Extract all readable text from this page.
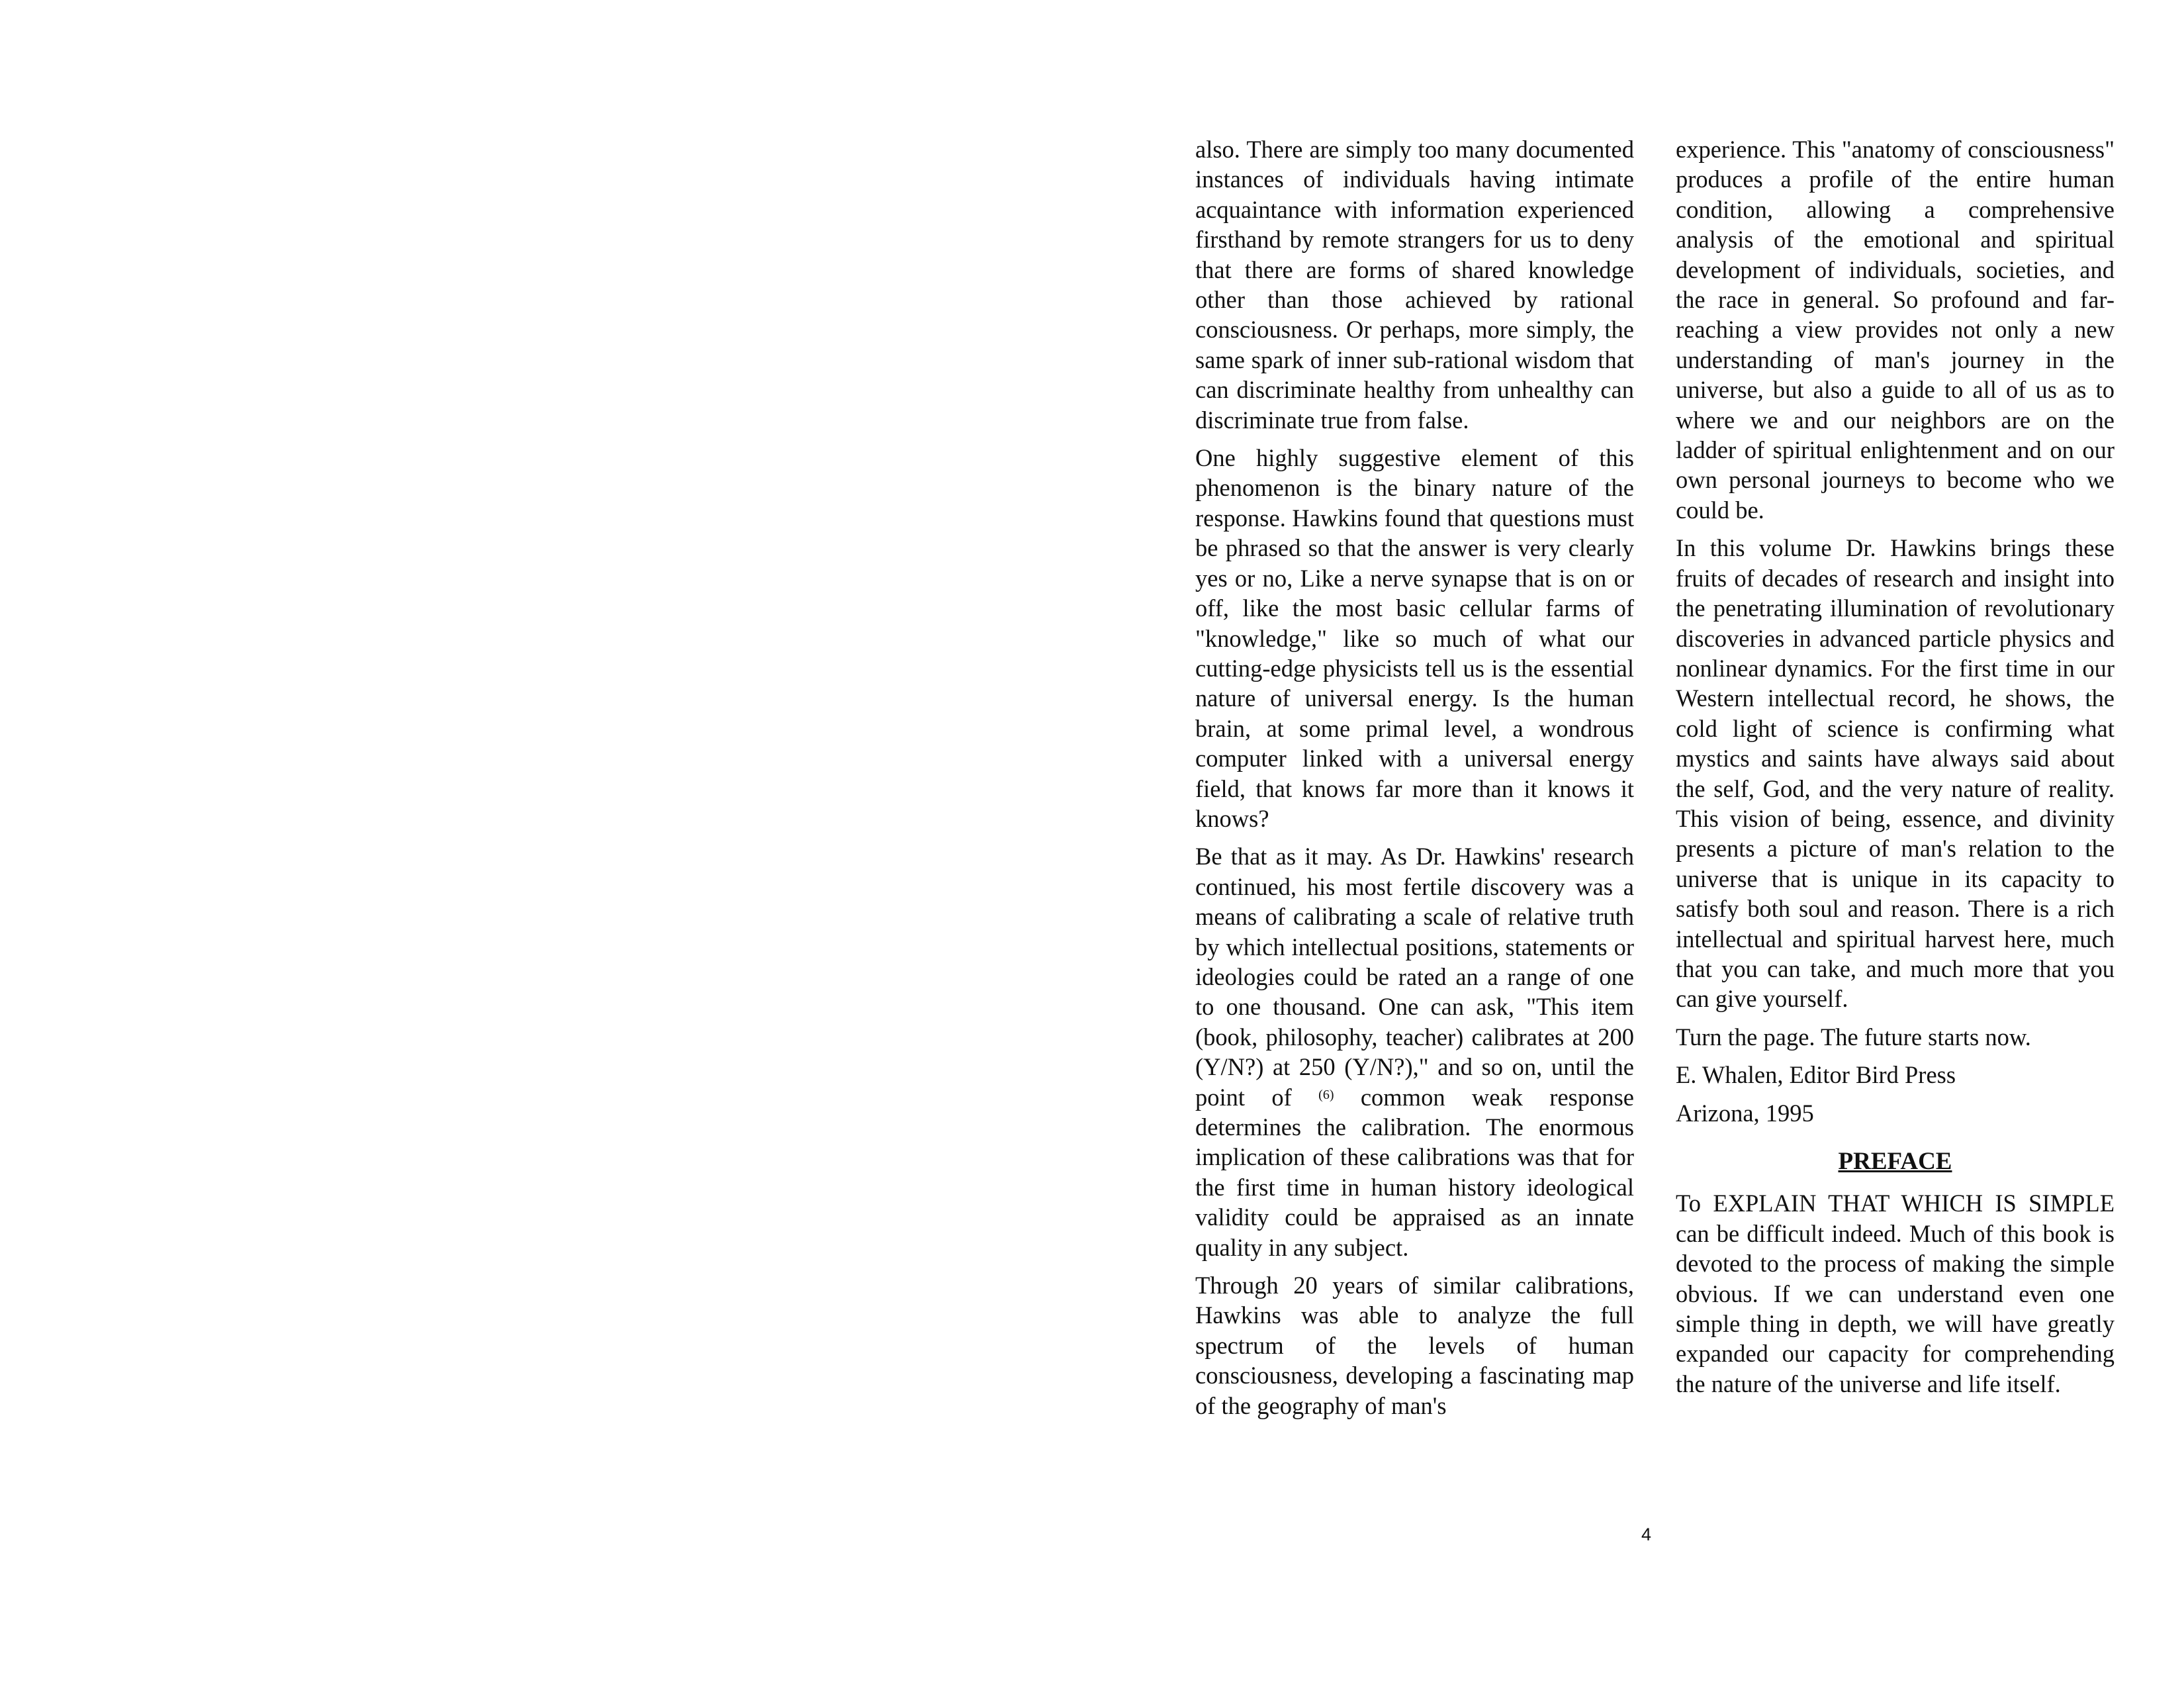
also. There are simply too many documented instances of individuals having intimate acquaintance with information experienced firsthand by remote strangers for us to deny that there are forms of shared knowledge other than those achieved by rational consciousness. Or perhaps, more simply, the same spark of inner sub-rational wisdom that can discriminate healthy from unhealthy can discriminate true from false.

One highly suggestive element of this phenomenon is the binary nature of the response. Hawkins found that questions must be phrased so that the answer is very clearly yes or no, Like a nerve synapse that is on or off, like the most basic cellular farms of "knowledge," like so much of what our cutting-edge physicists tell us is the essential nature of universal energy. Is the human brain, at some primal level, a wondrous computer linked with a universal energy field, that knows far more than it knows it knows?

Be that as it may. As Dr. Hawkins' research continued, his most fertile discovery was a means of calibrating a scale of relative truth by which intellectual positions, statements or ideologies could be rated an a range of one to one thousand. One can ask, "This item (book, philosophy, teacher) calibrates at 200 (Y/N?) at 250 (Y/N?)," and so on, until the point of $^{(6)}$ common weak response determines the calibration. The enormous implication of these calibrations was that for the first time in human history ideological validity could be appraised as an innate quality in any subject.

Through 20 years of similar calibrations, Hawkins was able to analyze the full spectrum of the levels of human consciousness, developing a fascinating map of the geography of man's

experience. This "anatomy of consciousness" produces a profile of the entire human condition, allowing a comprehensive analysis of the emotional and spiritual development of individuals, societies, and the race in general. So profound and far-reaching a view provides not only a new understanding of man's journey in the universe, but also a guide to all of us as to where we and our neighbors are on the ladder of spiritual enlightenment and on our own personal journeys to become who we could be.

In this volume Dr. Hawkins brings these fruits of decades of research and insight into the penetrating illumination of revolutionary discoveries in advanced particle physics and nonlinear dynamics. For the first time in our Western intellectual record, he shows, the cold light of science is confirming what mystics and saints have always said about the self, God, and the very nature of reality. This vision of being, essence, and divinity presents a picture of man's relation to the universe that is unique in its capacity to satisfy both soul and reason. There is a rich intellectual and spiritual harvest here, much that you can take, and much more that you can give yourself.

Turn the page. The future starts now.

E. Whalen, Editor Bird Press

Arizona, 1995

PREFACE

To EXPLAIN THAT WHICH IS SIMPLE can be difficult indeed. Much of this book is devoted to the process of making the simple obvious. If we can understand even one simple thing in depth, we will have greatly expanded our capacity for comprehending the nature of the universe and life itself.

4
